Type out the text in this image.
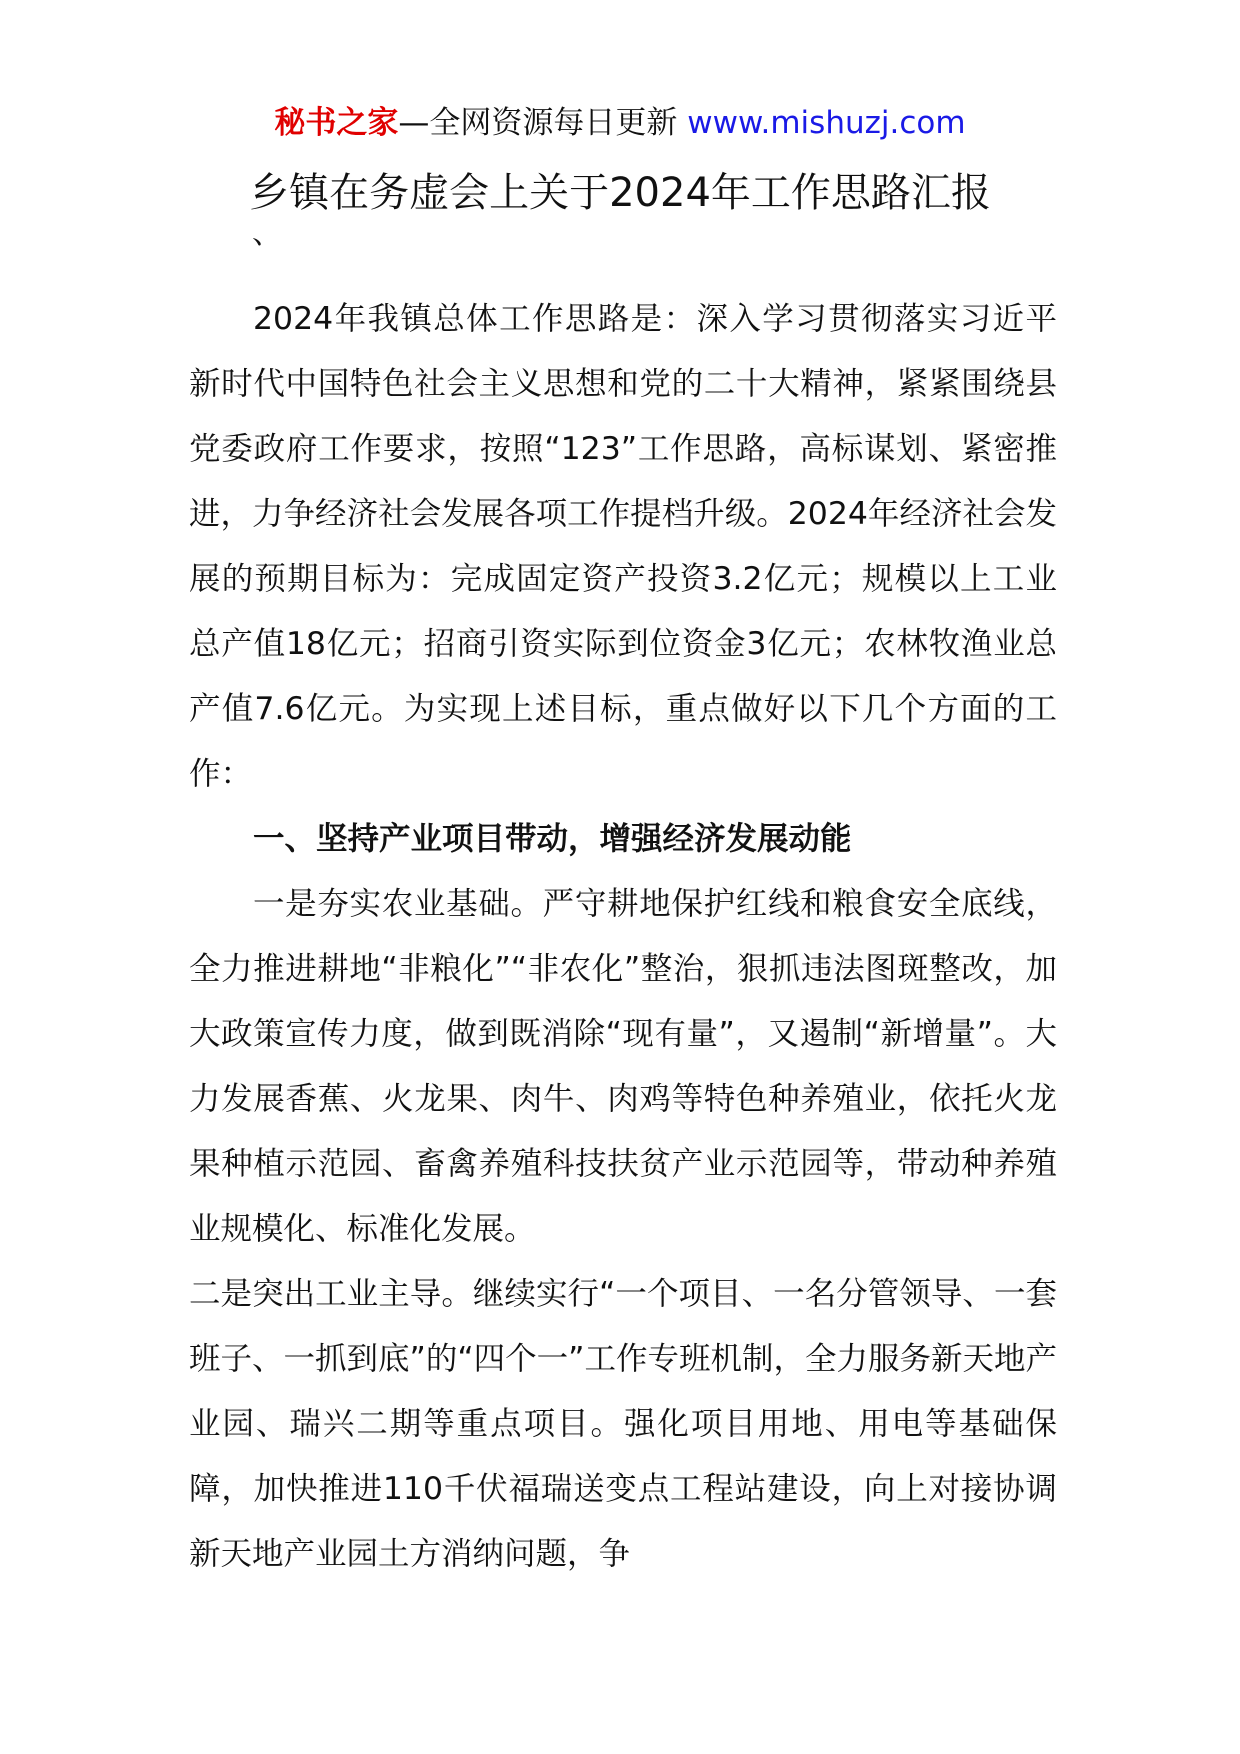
秘书之家—全网资源每日更新 www.mishuzj.com
乡镇在务虚会上关于2024年工作思路汇报
、

2024年我镇总体工作思路是：深入学习贯彻落实习近平新时代中国特色社会主义思想和党的二十大精神，紧紧围绕县党委政府工作要求，按照“123”工作思路，高标谋划、紧密推进，力争经济社会发展各项工作提档升级。2024年经济社会发展的预期目标为：完成固定资产投资3.2亿元；规模以上工业总产值18亿元；招商引资实际到位资金3亿元；农林牧渔业总产值7.6亿元。为实现上述目标，重点做好以下几个方面的工作：

一、坚持产业项目带动，增强经济发展动能

一是夯实农业基础。严守耕地保护红线和粮食安全底线，全力推进耕地“非粮化”“非农化”整治，狠抓违法图斑整改，加大政策宣传力度，做到既消除“现有量”，又遏制“新增量”。大力发展香蕉、火龙果、肉牛、肉鸡等特色种养殖业，依托火龙果种植示范园、畜禽养殖科技扶贫产业示范园等，带动种养殖业规模化、标准化发展。

二是突出工业主导。继续实行“一个项目、一名分管领导、一套班子、一抓到底”的“四个一”工作专班机制，全力服务新天地产业园、瑞兴二期等重点项目。强化项目用地、用电等基础保障，加快推进110千伏福瑞送变点工程站建设，向上对接协调新天地产业园土方消纳问题，争
